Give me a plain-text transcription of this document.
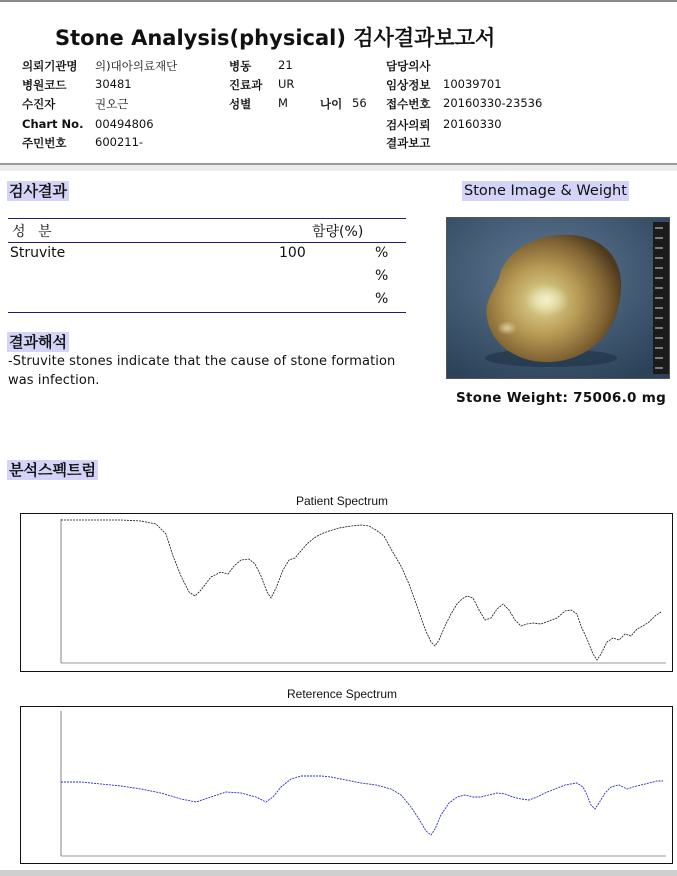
Stone Analysis(physical) 검사결과보고서
의뢰기관명 의)대아의료재단
병원코드 30481
수진자	권오근
Chart No. 00494806
주민번호 600211-
병동 21
진료과 UR
성별 M	나이 56
담당의사
임상정보 10039701
접수번호 20160330-23536
검사의뢰 20160330
결과보고
검사결과
성 분	함량(%)
Struvite	100	%
%
%
결과해석
-Struvite stones indicate that the cause of stone formation was infection.
Stone Image & Weight
Stone Weight: 75006.0 mg
분석스펙트럼
Patient Spectrum
Reterence Spectrum
